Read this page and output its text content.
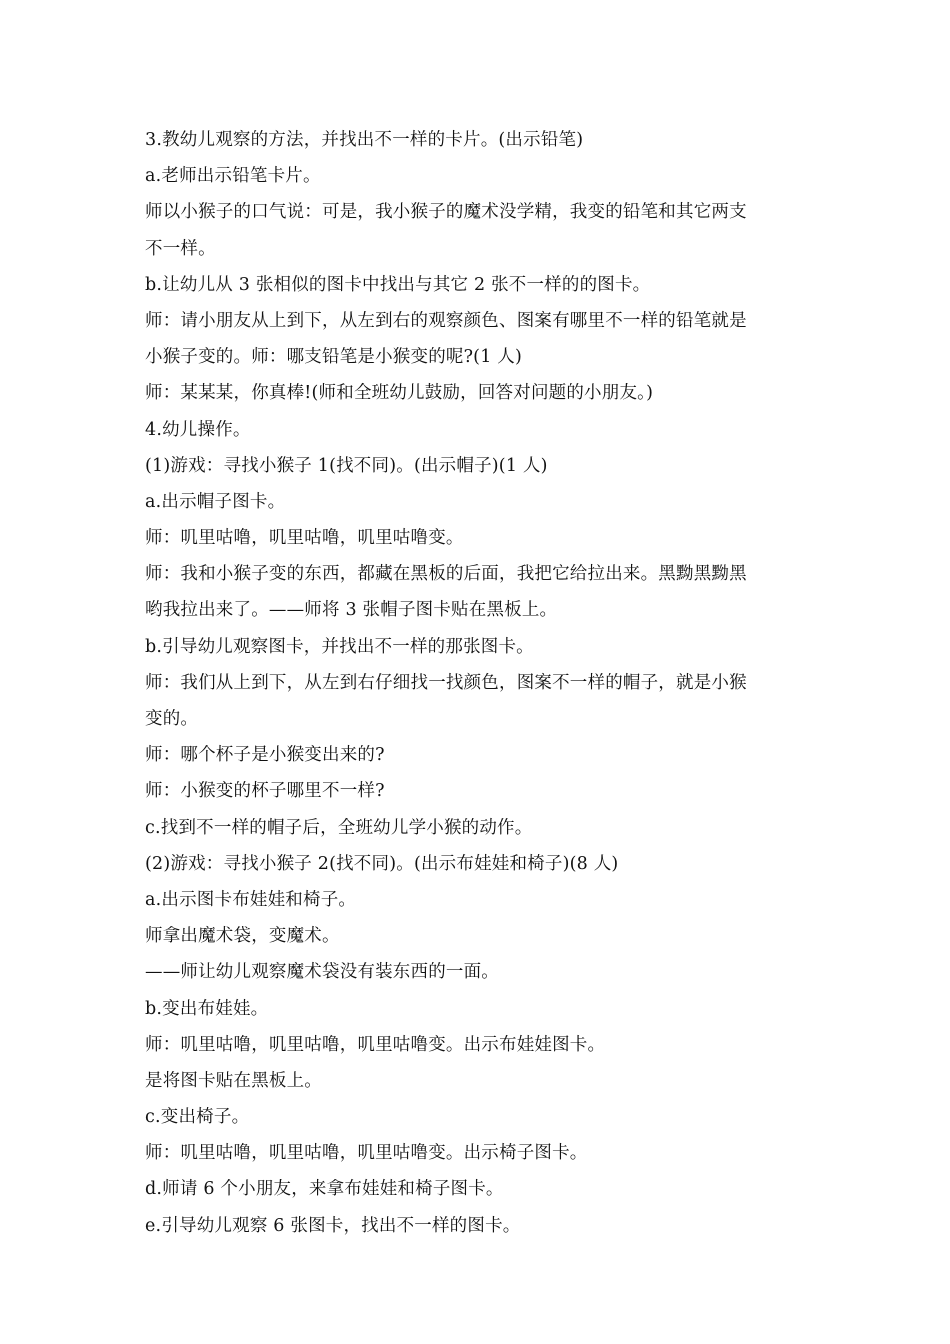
3.教幼儿观察的方法，并找出不一样的卡片。(出示铅笔)
a.老师出示铅笔卡片。
师以小猴子的口气说：可是，我小猴子的魔术没学精，我变的铅笔和其它两支
不一样。
b.让幼儿从 3 张相似的图卡中找出与其它 2 张不一样的的图卡。
师：请小朋友从上到下，从左到右的观察颜色、图案有哪里不一样的铅笔就是
小猴子变的。师：哪支铅笔是小猴变的呢?(1 人)
师：某某某，你真棒!(师和全班幼儿鼓励，回答对问题的小朋友。)
4.幼儿操作。
(1)游戏：寻找小猴子 1(找不同)。(出示帽子)(1 人)
a.出示帽子图卡。
师：叽里咕噜，叽里咕噜，叽里咕噜变。
师：我和小猴子变的东西，都藏在黑板的后面，我把它给拉出来。黑黝黑黝黑
哟我拉出来了。——师将 3 张帽子图卡贴在黑板上。
b.引导幼儿观察图卡，并找出不一样的那张图卡。
师：我们从上到下，从左到右仔细找一找颜色，图案不一样的帽子，就是小猴
变的。
师：哪个杯子是小猴变出来的?
师：小猴变的杯子哪里不一样?
c.找到不一样的帽子后，全班幼儿学小猴的动作。
(2)游戏：寻找小猴子 2(找不同)。(出示布娃娃和椅子)(8 人)
a.出示图卡布娃娃和椅子。
师拿出魔术袋，变魔术。
——师让幼儿观察魔术袋没有装东西的一面。
b.变出布娃娃。
师：叽里咕噜，叽里咕噜，叽里咕噜变。出示布娃娃图卡。
是将图卡贴在黑板上。
c.变出椅子。
师：叽里咕噜，叽里咕噜，叽里咕噜变。出示椅子图卡。
d.师请 6 个小朋友，来拿布娃娃和椅子图卡。
e.引导幼儿观察 6 张图卡，找出不一样的图卡。
